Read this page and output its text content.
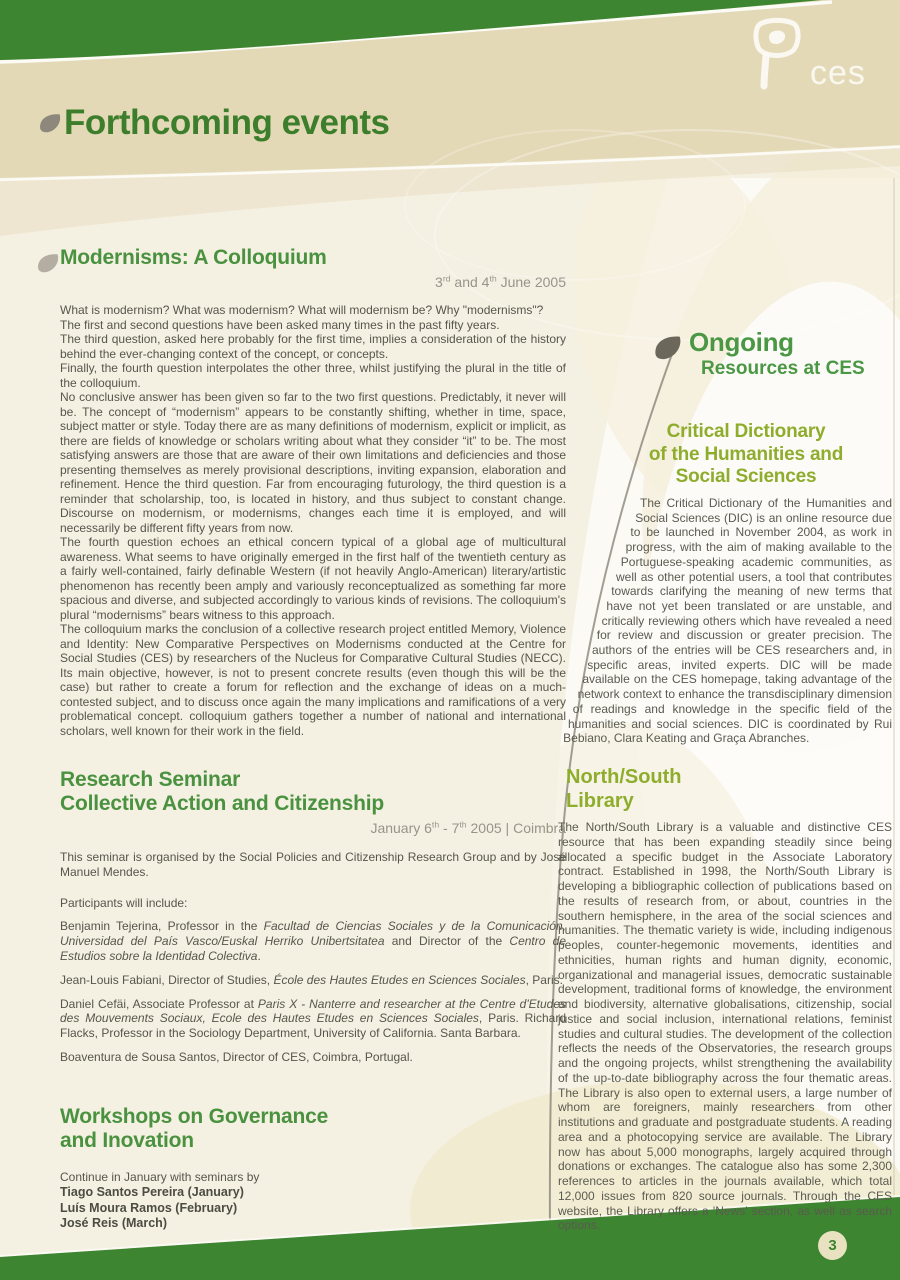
ces
Forthcoming events
Modernisms: A Colloquium
3rd and 4th June 2005

What is modernism? What was modernism? What will modernism be? Why "modernisms"?

The first and second questions have been asked many times in the past fifty years.

The third question, asked here probably for the first time, implies a consideration of the history behind the ever-changing context of the concept, or concepts.

Finally, the fourth question interpolates the other three, whilst justifying the plural in the title of the colloquium.

No conclusive answer has been given so far to the two first questions. Predictably, it never will be. The concept of “modernism” appears to be constantly shifting, whether in time, space, subject matter or style. Today there are as many definitions of modernism, explicit or implicit, as there are fields of knowledge or scholars writing about what they consider “it” to be. The most satisfying answers are those that are aware of their own limitations and deficiencies and those presenting themselves as merely provisional descriptions, inviting expansion, elaboration and refinement. Hence the third question. Far from encouraging futurology, the third question is a reminder that scholarship, too, is located in history, and thus subject to constant change. Discourse on modernism, or modernisms, changes each time it is employed, and will necessarily be different fifty years from now.

The fourth question echoes an ethical concern typical of a global age of multicultural awareness. What seems to have originally emerged in the first half of the twentieth century as a fairly well-contained, fairly definable Western (if not heavily Anglo-American) literary/artistic phenomenon has recently been amply and variously reconceptualized as something far more spacious and diverse, and subjected accordingly to various kinds of revisions. The colloquium's plural “modernisms” bears witness to this approach.

The colloquium marks the conclusion of a collective research project entitled Memory, Violence and Identity: New Comparative Perspectives on Modernisms conducted at the Centre for Social Studies (CES) by researchers of the Nucleus for Comparative Cultural Studies (NECC). Its main objective, however, is not to present concrete results (even though this will be the case) but rather to create a forum for reflection and the exchange of ideas on a much-contested subject, and to discuss once again the many implications and ramifications of a very problematical concept. colloquium gathers together a number of national and international scholars, well known for their work in the field.

Research Seminar
Collective Action and Citizenship
January 6th - 7th 2005 | Coimbra
This seminar is organised by the Social Policies and Citizenship Research Group and by José Manuel Mendes.
Participants will include:

Benjamin Tejerina, Professor in the Facultad de Ciencias Sociales y de la Comunicación, Universidad del País Vasco/Euskal Herriko Unibertsitatea and Director of the Centro de Estudios sobre la Identidad Colectiva.

Jean-Louis Fabiani, Director of Studies, École des Hautes Etudes en Sciences Sociales, Paris.

Daniel Cefäi, Associate Professor at Paris X - Nanterre and researcher at the Centre d'Etudes des Mouvements Sociaux, Ecole des Hautes Etudes en Sciences Sociales, Paris. Richard Flacks, Professor in the Sociology Department, University of California. Santa Barbara.

Boaventura de Sousa Santos, Director of CES, Coimbra, Portugal.

Workshops on Governance
and Inovation
Continue in January with seminars by
Tiago Santos Pereira (January)
Luís Moura Ramos (February)
José Reis (March)
Ongoing
Resources at CES
Critical Dictionary
of the Humanities and
Social Sciences
The Critical Dictionary of the Humanities and Social Sciences (DIC) is an online resource due to be launched in November 2004, as work in progress, with the aim of making available to the Portuguese-speaking academic communities, as well as other potential users, a tool that contributes towards clarifying the meaning of new terms that have not yet been translated or are unstable, and critically reviewing others which have revealed a need for review and discussion or greater precision. The authors of the entries will be CES researchers and, in specific areas, invited experts. DIC will be made available on the CES homepage, taking advantage of the network context to enhance the transdisciplinary dimension of readings and knowledge in the specific field of the humanities and social sciences. DIC is coordinated by Rui Bebiano, Clara Keating and Graça Abranches.
North/South
Library
The North/South Library is a valuable and distinctive CES resource that has been expanding steadily since being allocated a specific budget in the Associate Laboratory contract. Established in 1998, the North/South Library is developing a bibliographic collection of publications based on the results of research from, or about, countries in the southern hemisphere, in the area of the social sciences and humanities. The thematic variety is wide, including indigenous peoples, counter-hegemonic movements, identities and ethnicities, human rights and human dignity, economic, organizational and managerial issues, democratic sustainable development, traditional forms of knowledge, the environment and biodiversity, alternative globalisations, citizenship, social justice and social inclusion, international relations, feminist studies and cultural studies. The development of the collection reflects the needs of the Observatories, the research groups and the ongoing projects, whilst strengthening the availability of the up-to-date bibliography across the four thematic areas. The Library is also open to external users, a large number of whom are foreigners, mainly researchers from other institutions and graduate and postgraduate students. A reading area and a photocopying service are available. The Library now has about 5,000 monographs, largely acquired through donations or exchanges. The catalogue also has some 2,300 references to articles in the journals available, which total 12,000 issues from 820 source journals. Through the CES website, the Library offers a 'News' section, as well as search options.
3
